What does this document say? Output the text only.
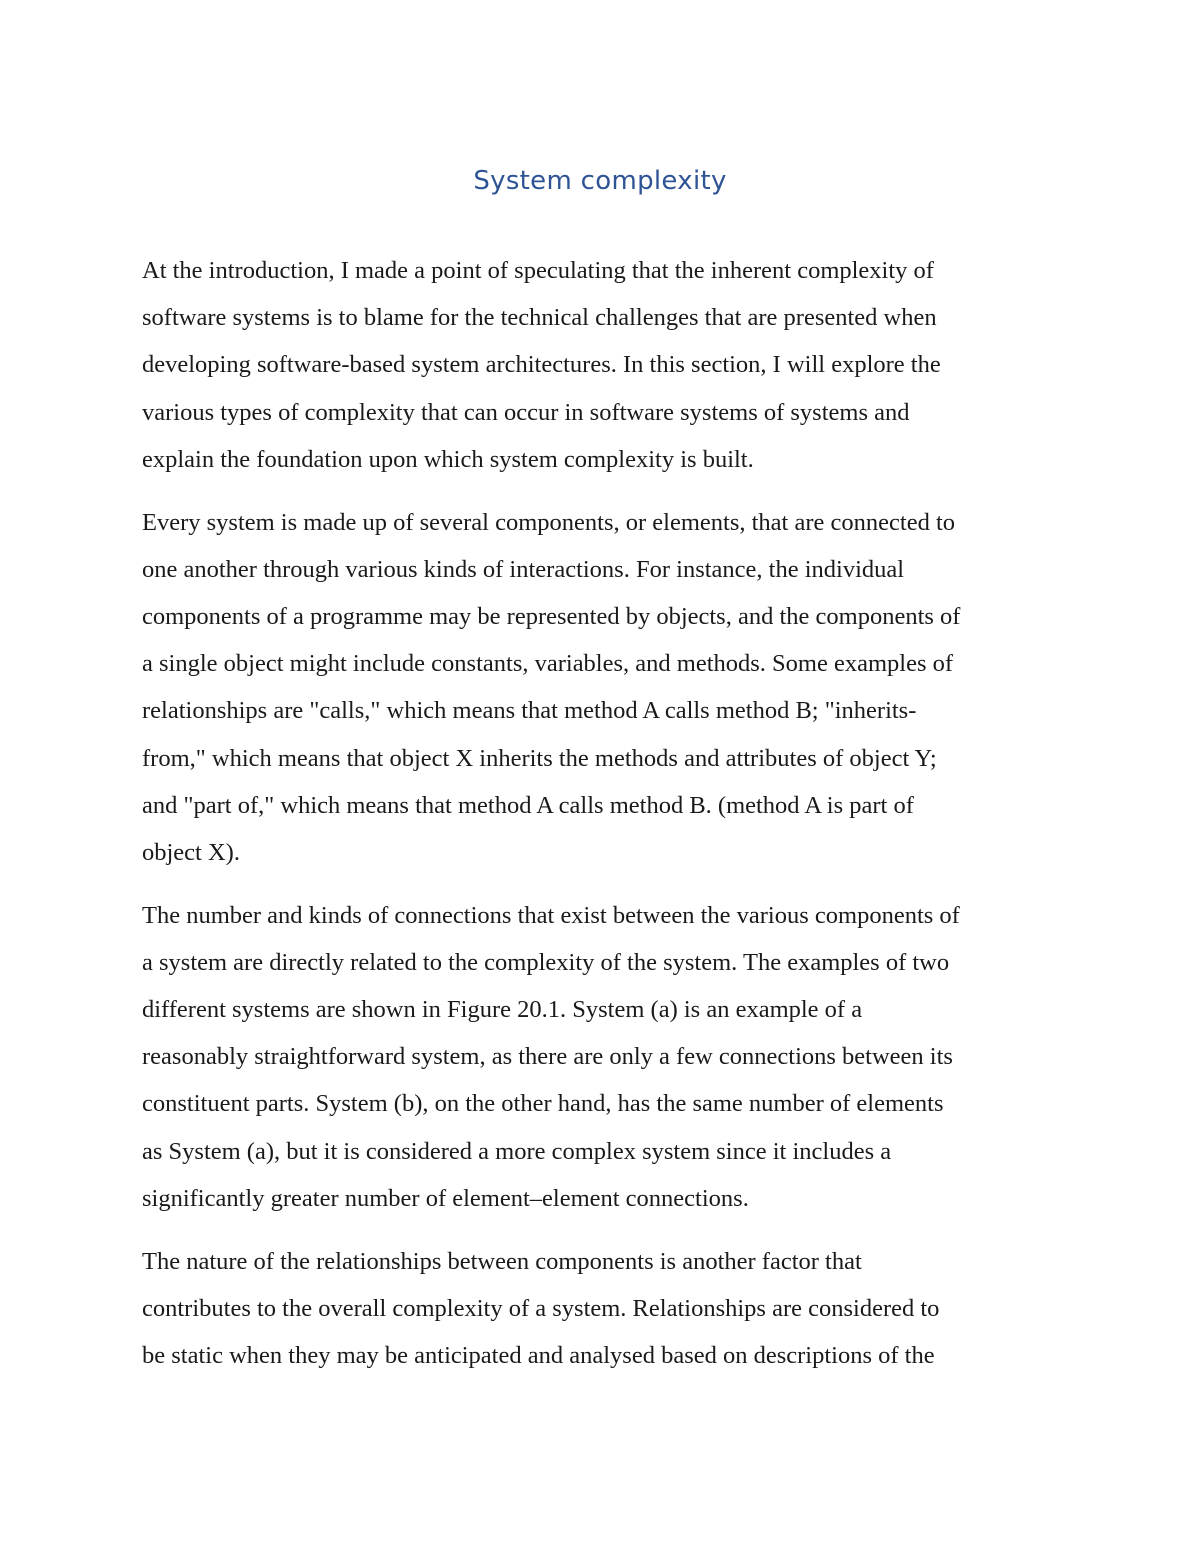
System complexity

At the introduction, I made a point of speculating that the inherent complexity of
software systems is to blame for the technical challenges that are presented when
developing software-based system architectures. In this section, I will explore the
various types of complexity that can occur in software systems of systems and
explain the foundation upon which system complexity is built.

Every system is made up of several components, or elements, that are connected to
one another through various kinds of interactions. For instance, the individual
components of a programme may be represented by objects, and the components of
a single object might include constants, variables, and methods. Some examples of
relationships are "calls," which means that method A calls method B; "inherits-
from," which means that object X inherits the methods and attributes of object Y;
and "part of," which means that method A calls method B. (method A is part of
object X).

The number and kinds of connections that exist between the various components of
a system are directly related to the complexity of the system. The examples of two
different systems are shown in Figure 20.1. System (a) is an example of a
reasonably straightforward system, as there are only a few connections between its
constituent parts. System (b), on the other hand, has the same number of elements
as System (a), but it is considered a more complex system since it includes a
significantly greater number of element–element connections.

The nature of the relationships between components is another factor that
contributes to the overall complexity of a system. Relationships are considered to
be static when they may be anticipated and analysed based on descriptions of the
